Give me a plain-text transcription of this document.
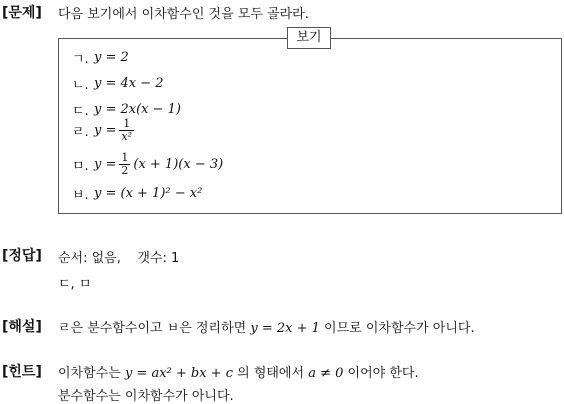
[문제] 다음 보기에서 이차함수인 것을 모두 골라라.
보기
ㄱ. y = 2
ㄴ. y = 4x − 2
ㄷ. y = 2x(x − 1)
ㄹ. $y = \frac{1}{\text{x²}}$
ㅁ. $y = \frac{1}{2} (x + 1)(x - 3)$
ㅂ. y = (x + 1)² − x²
[정답] 순서: 없음, 갯수: 1
ㄷ, ㅁ
[해설] ㄹ은 분수함수이고 ㅂ은 정리하면 y = 2x + 1 이므로 이차함수가 아니다.
[힌트] 이차함수는 y = ax² + bx + c 의 형태에서 a ≠ 0 이어야 한다.
분수함수는 이차함수가 아니다.
